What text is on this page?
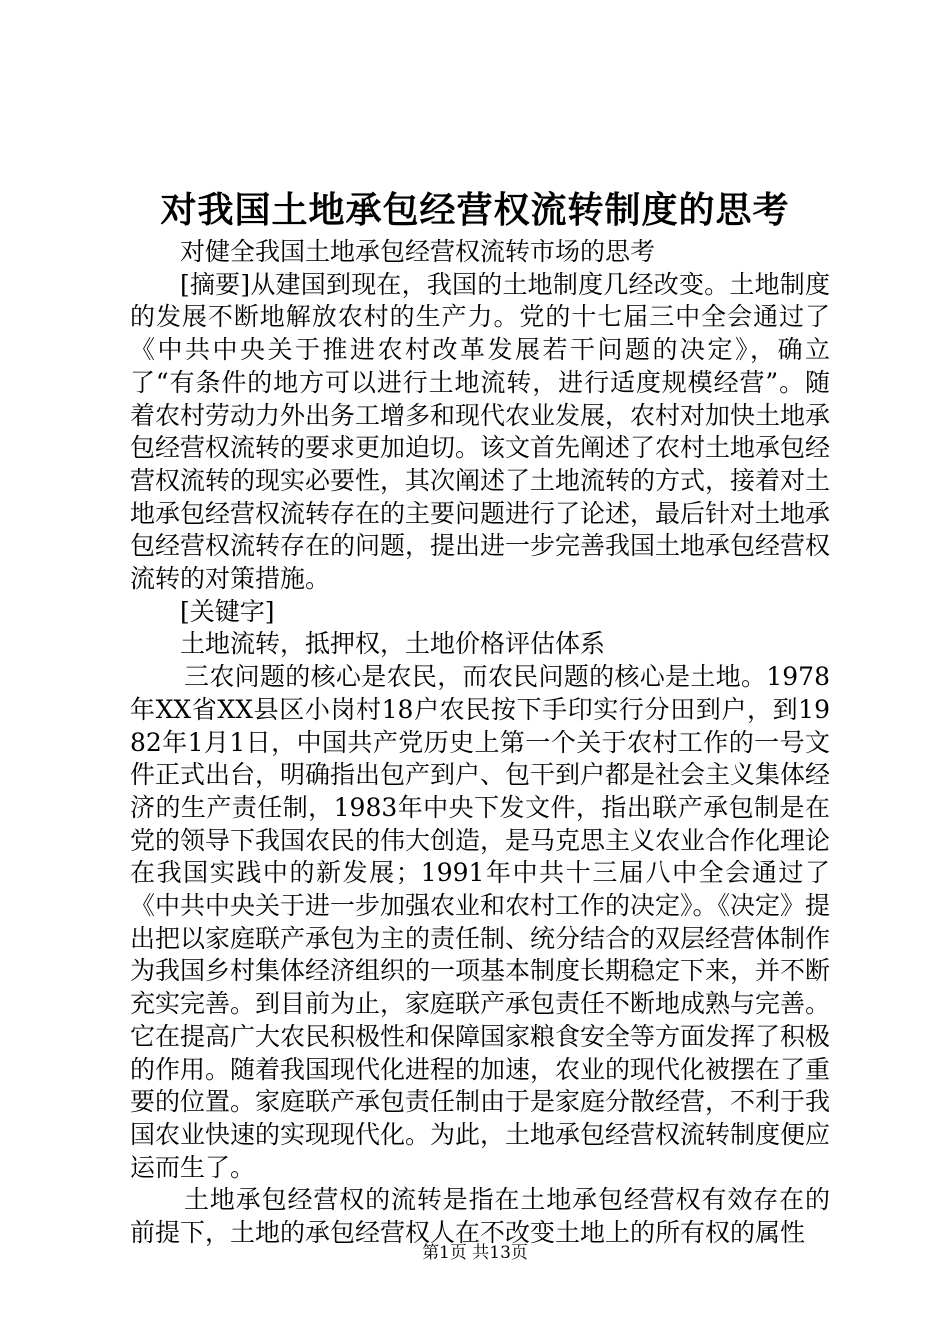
对我国土地承包经营权流转制度的思考

对健全我国土地承包经营权流转市场的思考

[摘要]从建国到现在，我国的土地制度几经改变。土地制度的发展不断地解放农村的生产力。党的十七届三中全会通过了《中共中央关于推进农村改革发展若干问题的决定》，确立了“有条件的地方可以进行土地流转，进行适度规模经营”。随着农村劳动力外出务工增多和现代农业发展，农村对加快土地承包经营权流转的要求更加迫切。该文首先阐述了农村土地承包经营权流转的现实必要性，其次阐述了土地流转的方式，接着对土地承包经营权流转存在的主要问题进行了论述，最后针对土地承包经营权流转存在的问题，提出进一步完善我国土地承包经营权流转的对策措施。

[关键字]

土地流转，抵押权，土地价格评估体系

三农问题的核心是农民，而农民问题的核心是土地。1978年XX省XX县区小岗村18户农民按下手印实行分田到户，到1982年1月1日，中国共产党历史上第一个关于农村工作的一号文件正式出台，明确指出包产到户、包干到户都是社会主义集体经济的生产责任制，1983年中央下发文件，指出联产承包制是在党的领导下我国农民的伟大创造，是马克思主义农业合作化理论在我国实践中的新发展；1991年中共十三届八中全会通过了《中共中央关于进一步加强农业和农村工作的决定》。《决定》提出把以家庭联产承包为主的责任制、统分结合的双层经营体制作为我国乡村集体经济组织的一项基本制度长期稳定下来，并不断充实完善。到目前为止，家庭联产承包责任不断地成熟与完善。它在提高广大农民积极性和保障国家粮食安全等方面发挥了积极的作用。随着我国现代化进程的加速，农业的现代化被摆在了重要的位置。家庭联产承包责任制由于是家庭分散经营，不利于我国农业快速的实现现代化。为此，土地承包经营权流转制度便应运而生了。

土地承包经营权的流转是指在土地承包经营权有效存在的前提下，土地的承包经营权人在不改变土地上的所有权的属性

第1页 共13页
